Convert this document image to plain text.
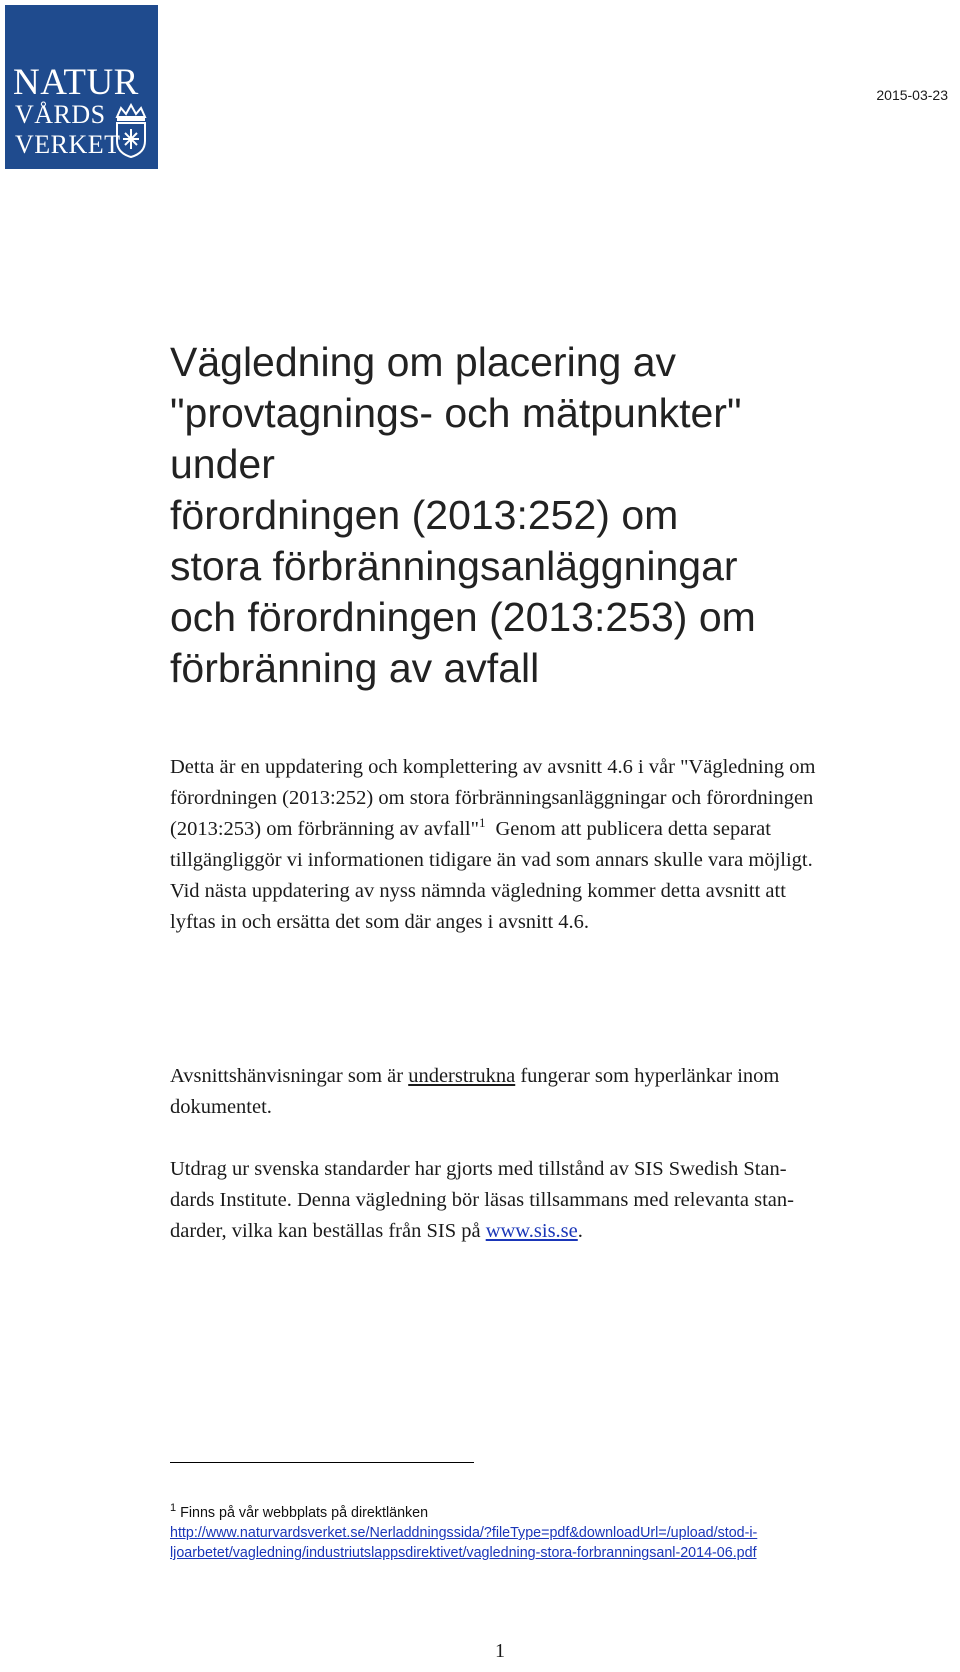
NATUR
VÅRDS
VERKET
2015-03-23
Vägledning om placering av
"provtagnings- och mätpunkter"
under
förordningen (2013:252) om
stora förbränningsanläggningar
och förordningen (2013:253) om
förbränning av avfall

Detta är en uppdatering och komplettering av avsnitt 4.6 i vår "Vägledning om
förordningen (2013:252) om stora förbränningsanläggningar och förordningen
(2013:253) om förbränning av avfall"$^1$ Genom att publicera detta separat
tillgängliggör vi informationen tidigare än vad som annars skulle vara möjligt.
Vid nästa uppdatering av nyss nämnda vägledning kommer detta avsnitt att
lyftas in och ersätta det som där anges i avsnitt 4.6.

Avsnittshänvisningar som är understrukna fungerar som hyperlänkar inom
dokumentet.

Utdrag ur svenska standarder har gjorts med tillstånd av SIS Swedish Stan-
dards Institute. Denna vägledning bör läsas tillsammans med relevanta stan-
darder, vilka kan beställas från SIS på www.sis.se.

$^1$ Finns på vår webbplats på direktlänken
http://www.naturvardsverket.se/Nerladdningssida/?fileType=pdf&downloadUrl=/upload/stod-i-
ljoarbetet/vagledning/industriutslappsdirektivet/vagledning-stora-forbranningsanl-2014-06.pdf
1
